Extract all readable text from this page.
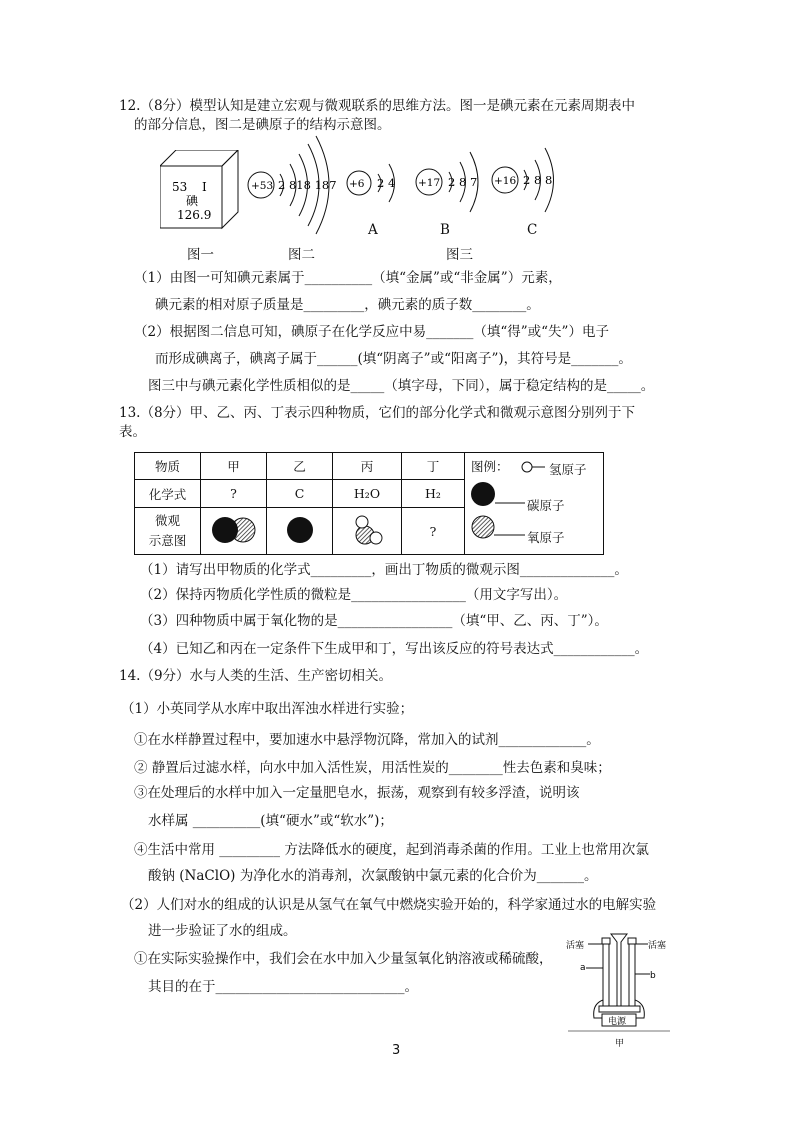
12.（8分）模型认知是建立宏观与微观联系的思维方法。图一是碘元素在元素周期表中
的部分信息，图二是碘原子的结构示意图。
53 I
碘
126.9
图一
+53 2 818 187
图二
+6 2 4
A
+17 2 8 7
B
+16 2 8 8
C
图三
（1）由图一可知碘元素属于__________（填“金属”或“非金属”）元素，
碘元素的相对原子质量是_________，碘元素的质子数________。
（2）根据图二信息可知，碘原子在化学反应中易_______（填“得”或“失”）电子
而形成碘离子，碘离子属于______(填“阴离子”或“阳离子”)，其符号是_______。
图三中与碘元素化学性质相似的是_____（填字母，下同），属于稳定结构的是_____。
13.（8分）甲、乙、丙、丁表示四种物质，它们的部分化学式和微观示意图分别列于下
表。
物质	甲	乙	丙	丁	图例： 氢原子
碳原子
氧原子

化学式	?	C	H₂O	H₂	
微观
示意图				?	
（1）请写出甲物质的化学式_________，画出丁物质的微观示图______________。
（2）保持丙物质化学性质的微粒是_________________（用文字写出）。
（3）四种物质中属于氧化物的是_________________（填“甲、乙、丙、丁”）。
（4）已知乙和丙在一定条件下生成甲和丁，写出该反应的符号表达式____________。
14.（9分）水与人类的生活、生产密切相关。
（1）小英同学从水库中取出浑浊水样进行实验；
①在水样静置过程中，要加速水中悬浮物沉降，常加入的试剂_____________。
② 静置后过滤水样，向水中加入活性炭，用活性炭的________性去色素和臭味；
③在处理后的水样中加入一定量肥皂水，振荡，观察到有较多浮渣，说明该
水样属 __________(填“硬水”或“软水”)；
④生活中常用 _________ 方法降低水的硬度，起到消毒杀菌的作用。工业上也常用次氯
酸钠 (NaClO) 为净化水的消毒剂，次氯酸钠中氯元素的化合价为_______。
（2）人们对水的组成的认识是从氢气在氧气中燃烧实验开始的，科学家通过水的电解实验
进一步验证了水的组成。
①在实际实验操作中，我们会在水中加入少量氢氧化钠溶液或稀硫酸，
其目的在于____________________________。
活塞	活塞
a
b
电源
甲
3
